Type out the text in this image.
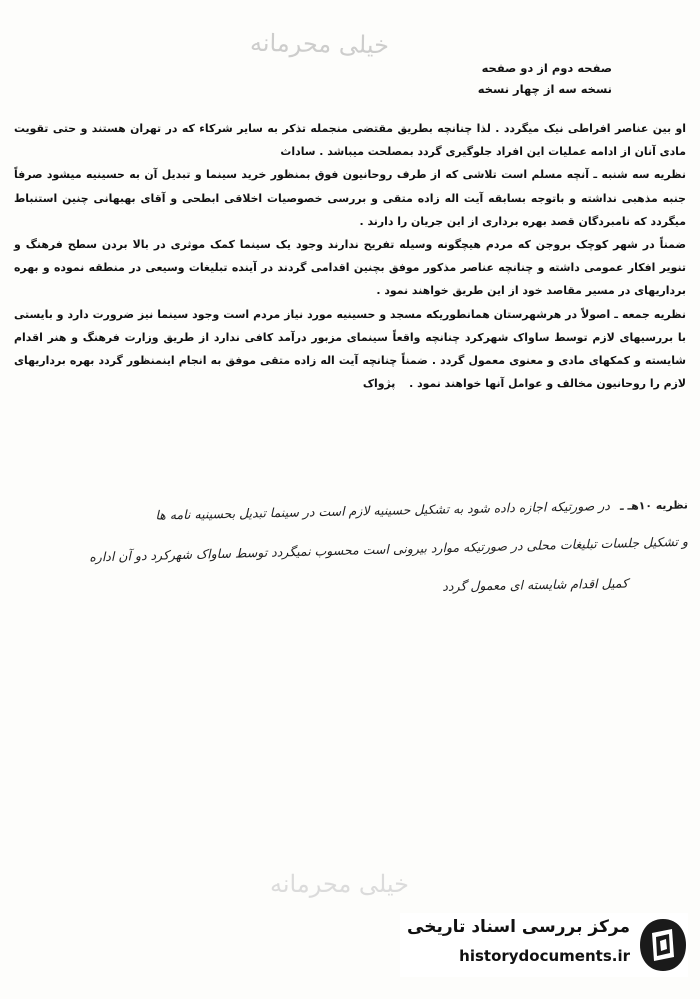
خیلی محرمانه
صفحه دوم از دو صفحه
نسخه سه از چهار نسخه

او بین عناصر افراطی نیک میگردد . لذا چنانچه بطریق مقتضی منجمله تذکر به سایر شرکاء که در تهران هستند و حتی تقویت مادی آنان از ادامه عملیات این افراد جلوگیری گردد بمصلحت میباشد . ساداث

نظریه سه شنبه ـ آنچه مسلم است تلاشی که از طرف روحانیون فوق بمنظور خرید سینما و تبدیل آن به حسینیه میشود صرفاً جنبه مذهبی نداشته و باتوجه بسابقه آیت اله زاده متقی و بررسی خصوصیات اخلاقی ابطحی و آقای بهبهانی چنین استنباط میگردد که نامبردگان قصد بهره برداری از این جریان را دارند .

ضمناً در شهر کوچک بروجن که مردم هیچگونه وسیله تفریح ندارند وجود یک سینما کمک موثری در بالا بردن سطح فرهنگ و تنویر افکار عمومی داشته و چنانچه عناصر مذکور موفق بچنین اقدامی گردند در آینده تبلیغات وسیعی در منطقه نموده و بهره برداریهای در مسیر مقاصد خود از این طریق خواهند نمود .

نظریه جمعه ـ اصولاً در هرشهرستان همانطوریکه مسجد و حسینیه مورد نیاز مردم است وجود سینما نیز ضرورت دارد و بایستی با بررسیهای لازم توسط ساواک شهرکرد چنانچه واقعاً سینمای مزبور درآمد کافی ندارد از طریق وزارت فرهنگ و هنر اقدام شایسته و کمکهای مادی و معنوی معمول گردد . ضمناً چنانچه آیت اله زاده متقی موفق به انجام اینمنظور گردد بهره برداریهای لازم را روحانیون مخالف و عوامل آنها خواهند نمود . پژواک

نظریه ۱۰هـ ـ در صورتیکه اجازه داده شود به تشکیل حسینیه لازم است در سینما تبدیل بحسینیه نامه ها
و تشکیل جلسات تبلیغات محلی در صورتیکه موارد بیرونی است محسوب نمیگردد توسط ساواک شهرکرد دو آن اداره
کمیل اقدام شایسته ای معمول گردد
خیلی محرمانه
مرکز بررسی اسناد تاریخی
historydocuments.ir
